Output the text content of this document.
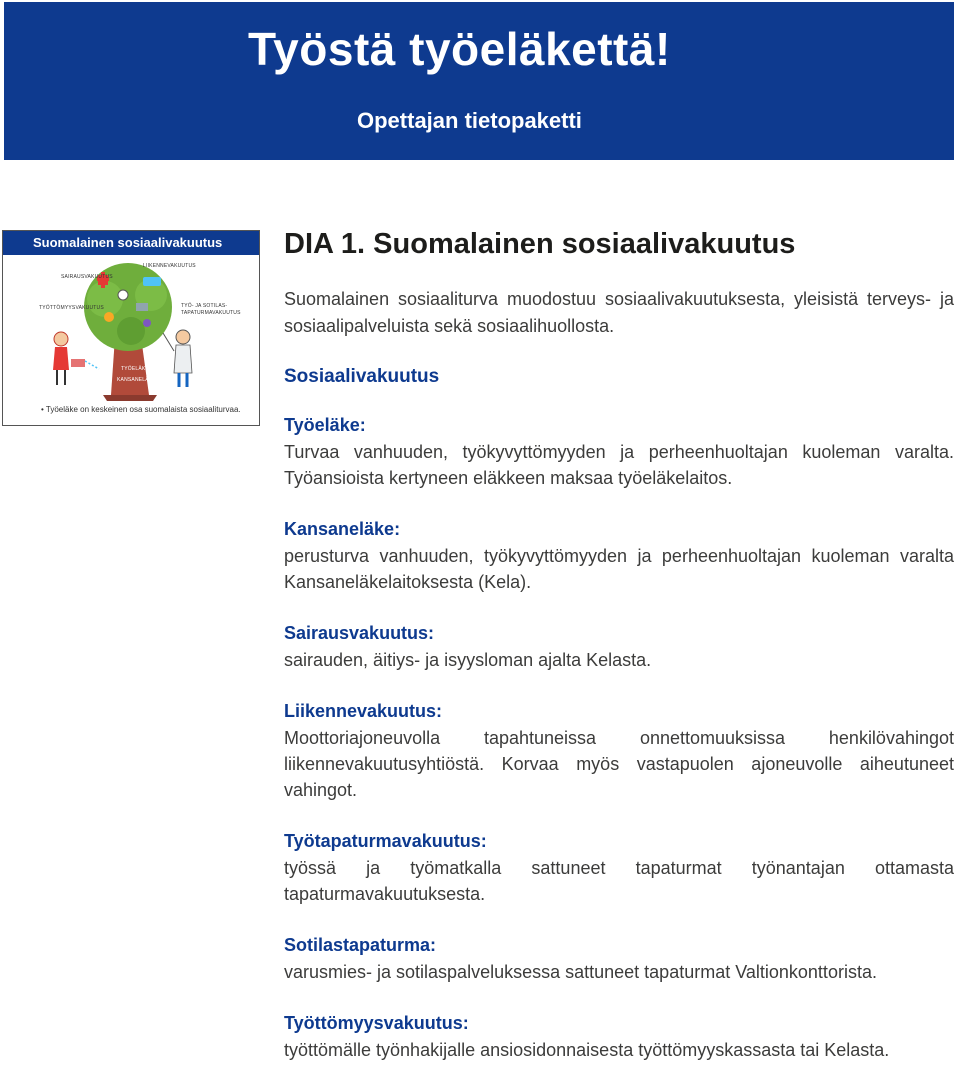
Työstä työeläkettä!
Opettajan tietopaketti
Suomalainen sosiaalivakuutus
SAIRAUSVAKUUTUS
LIIKENNEVAKUUTUS
TYÖTTÖMYYSVAKUUTUS	TYÖ- JA SOTILAS-
TAPATURMAVAKUUTUS
TYÖELÄKE
KANSANELÄKE
• Työeläke on keskeinen osa suomalaista sosiaaliturvaa.
DIA 1. Suomalainen sosiaalivakuutus
Suomalainen sosiaaliturva muodostuu sosiaalivakuutuksesta, yleisistä terveys- ja sosiaalipalveluista sekä sosiaalihuollosta.
Sosiaalivakuutus
Työeläke:
Turvaa vanhuuden, työkyvyttömyyden ja perheenhuoltajan kuoleman varalta. Työansioista kertyneen eläkkeen maksaa työeläkelaitos.
Kansaneläke:
perusturva vanhuuden, työkyvyttömyyden ja perheenhuoltajan kuoleman varalta Kansaneläkelaitoksesta (Kela).
Sairausvakuutus:
sairauden, äitiys- ja isyysloman ajalta Kelasta.
Liikennevakuutus:
Moottoriajoneuvolla tapahtuneissa onnettomuuksissa henkilövahingot liikennevakuutusyhtiöstä. Korvaa myös vastapuolen ajoneuvolle aiheutuneet vahingot.
Työtapaturmavakuutus:
työssä ja työmatkalla sattuneet tapaturmat työnantajan ottamasta tapaturmavakuutuksesta.
Sotilastapaturma:
varusmies- ja sotilaspalveluksessa sattuneet tapaturmat Valtionkonttorista.
Työttömyysvakuutus:
työttömälle työnhakijalle ansiosidonnaisesta työttömyyskassasta tai Kelasta.
